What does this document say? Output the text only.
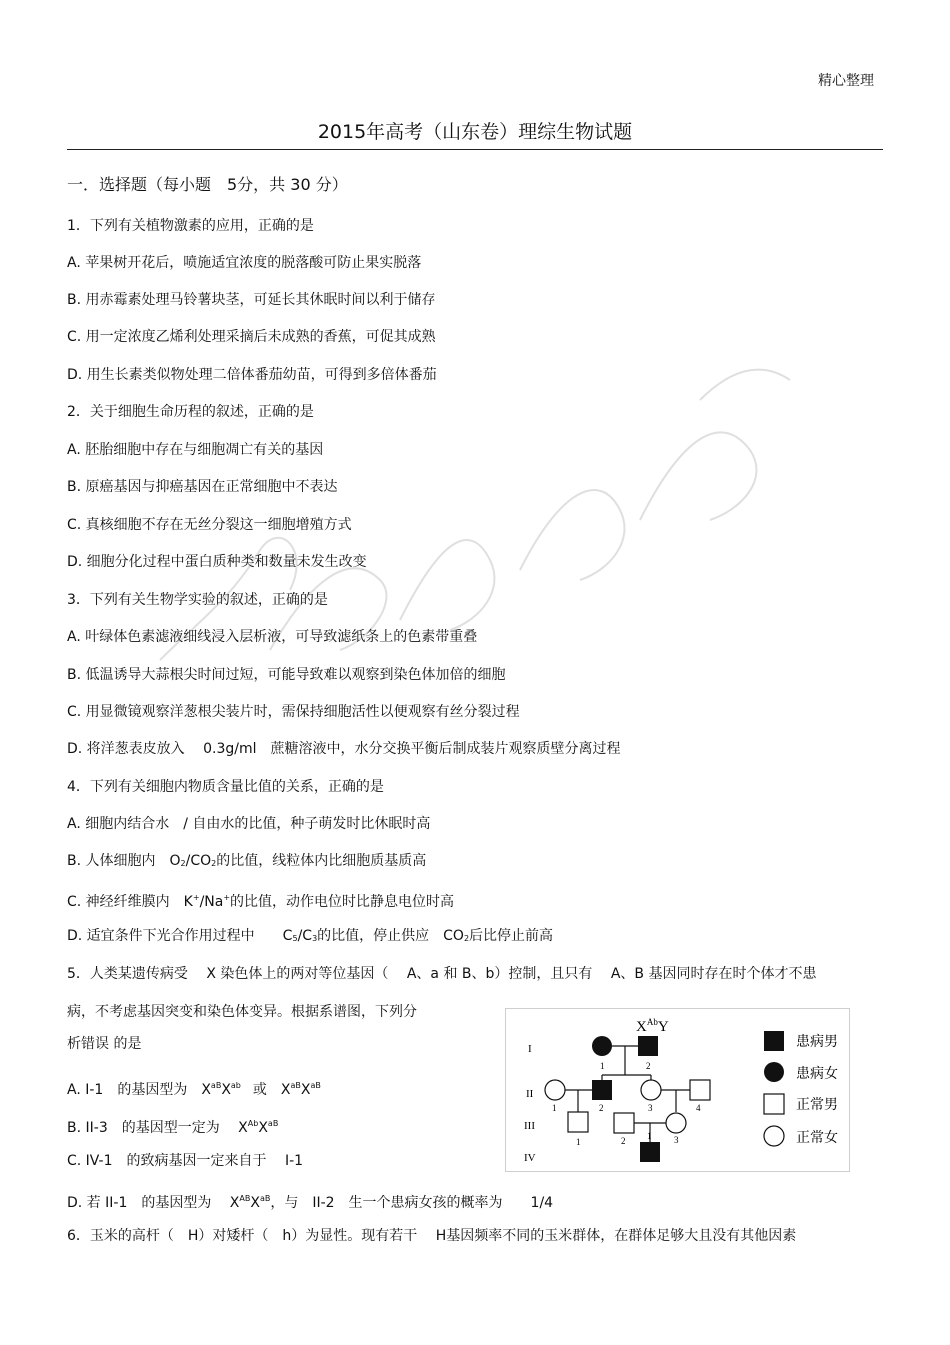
精心整理
2015年高考（山东卷）理综生物试题
一．选择题（每小题　5分，共 30 分）
1．下列有关植物激素的应用，正确的是
A. 苹果树开花后，喷施适宜浓度的脱落酸可防止果实脱落
B. 用赤霉素处理马铃薯块茎，可延长其休眠时间以利于储存
C. 用一定浓度乙烯利处理采摘后未成熟的香蕉，可促其成熟
D. 用生长素类似物处理二倍体番茄幼苗，可得到多倍体番茄
2．关于细胞生命历程的叙述，正确的是
A. 胚胎细胞中存在与细胞凋亡有关的基因
B. 原癌基因与抑癌基因在正常细胞中不表达
C. 真核细胞不存在无丝分裂这一细胞增殖方式
D. 细胞分化过程中蛋白质种类和数量未发生改变
3．下列有关生物学实验的叙述，正确的是
A. 叶绿体色素滤液细线浸入层析液，可导致滤纸条上的色素带重叠
B. 低温诱导大蒜根尖时间过短，可能导致难以观察到染色体加倍的细胞
C. 用显微镜观察洋葱根尖装片时，需保持细胞活性以便观察有丝分裂过程
D. 将洋葱表皮放入　 0.3g/ml　蔗糖溶液中，水分交换平衡后制成装片观察质壁分离过程
4．下列有关细胞内物质含量比值的关系，正确的是
A. 细胞内结合水　/ 自由水的比值，种子萌发时比休眠时高
B. 人体细胞内　$O_2/CO_2$的比值，线粒体内比细胞质基质高
C. 神经纤维膜内　K+/Na+的比值，动作电位时比静息电位时高
D. 适宜条件下光合作用过程中　　$C_5/C_3$的比值，停止供应　$CO_2$后比停止前高
5．人类某遗传病受　 X 染色体上的两对等位基因（　 A、a 和 B、b）控制，且只有　 A、B 基因同时存在时个体才不患
病，不考虑基因突变和染色体变异。根据系谱图，下列分
析错误 的是
A. I-1　的基因型为　$X^{aB}X^{ab}$ 或　$X^{aB}X^{aB}$
B. II-3　的基因型一定为　 $X^{Ab}X^{aB}$
C. IV-1　的致病基因一定来自于　 I-1
D. 若 II-1　的基因型为　 $X^{AB}X^{aB}$，与　II-2　生一个患病女孩的概率为　　1/4
6．玉米的高杆（　H）对矮杆（　h）为显性。现有若干　 H基因频率不同的玉米群体，在群体足够大且没有其他因素
I
II
III
IV
$X^{Ab}Y$
1	2
1	2	3	4
1	2	3
1
患病男
患病女
正常男
正常女
